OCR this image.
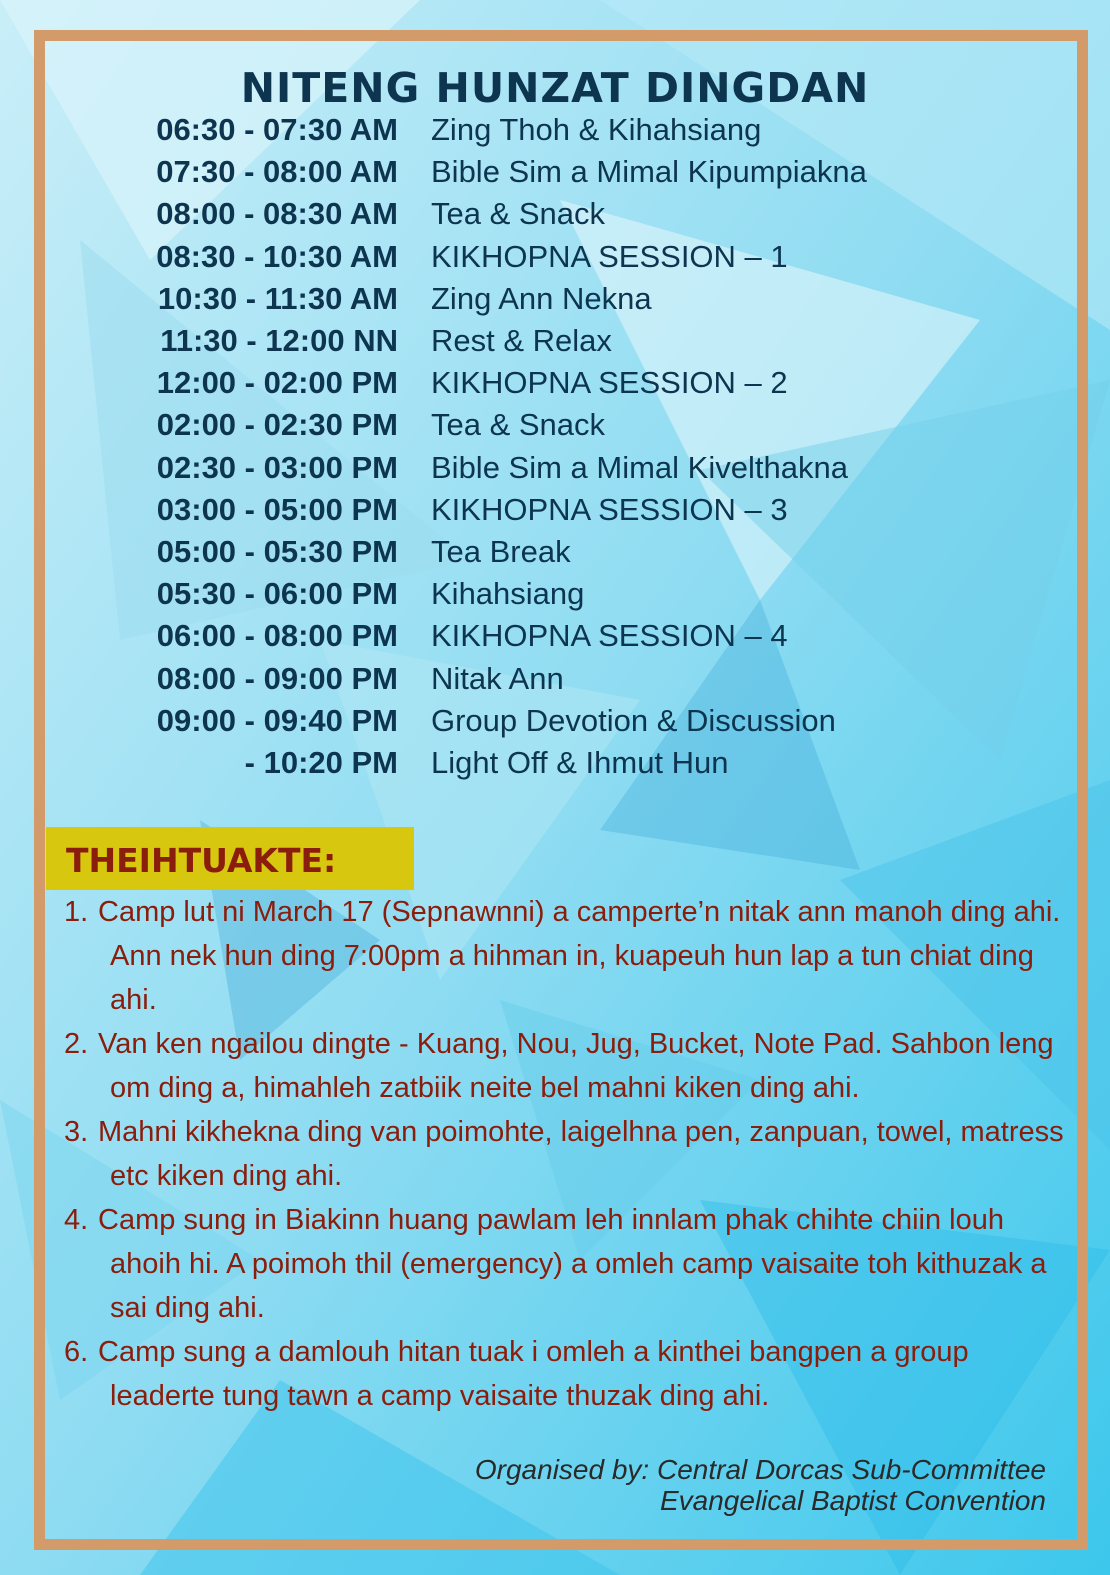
NITENG HUNZAT DINGDAN
06:30 - 07:30 AM Zing Thoh & Kihahsiang
07:30 - 08:00 AM Bible Sim a Mimal Kipumpiakna
08:00 - 08:30 AM Tea & Snack
08:30 - 10:30 AM KIKHOPNA SESSION – 1
10:30 - 11:30 AM Zing Ann Nekna
11:30 - 12:00 NN Rest & Relax
12:00 - 02:00 PM KIKHOPNA SESSION – 2
02:00 - 02:30 PM Tea & Snack
02:30 - 03:00 PM Bible Sim a Mimal Kivelthakna
03:00 - 05:00 PM KIKHOPNA SESSION – 3
05:00 - 05:30 PM Tea Break
05:30 - 06:00 PM Kihahsiang
06:00 - 08:00 PM KIKHOPNA SESSION – 4
08:00 - 09:00 PM Nitak Ann
09:00 - 09:40 PM Group Devotion & Discussion
- 10:20 PM Light Off & Ihmut Hun
THEIHTUAKTE:

1. Camp lut ni March 17 (Sepnawnni) a camperte’n nitak ann manoh ding ahi. Ann nek hun ding 7:00pm a hihman in, kuapeuh hun lap a tun chiat ding ahi.

2. Van ken ngailou dingte - Kuang, Nou, Jug, Bucket, Note Pad. Sahbon leng om ding a, himahleh zatbiik neite bel mahni kiken ding ahi.

3. Mahni kikhekna ding van poimohte, laigelhna pen, zanpuan, towel, matress etc kiken ding ahi.

4. Camp sung in Biakinn huang pawlam leh innlam phak chihte chiin louh ahoih hi. A poimoh thil (emergency) a omleh camp vaisaite toh kithuzak a sai ding ahi.

6. Camp sung a damlouh hitan tuak i omleh a kinthei bangpen a group leaderte tung tawn a camp vaisaite thuzak ding ahi.

Organised by: Central Dorcas Sub-Committee
Evangelical Baptist Convention
